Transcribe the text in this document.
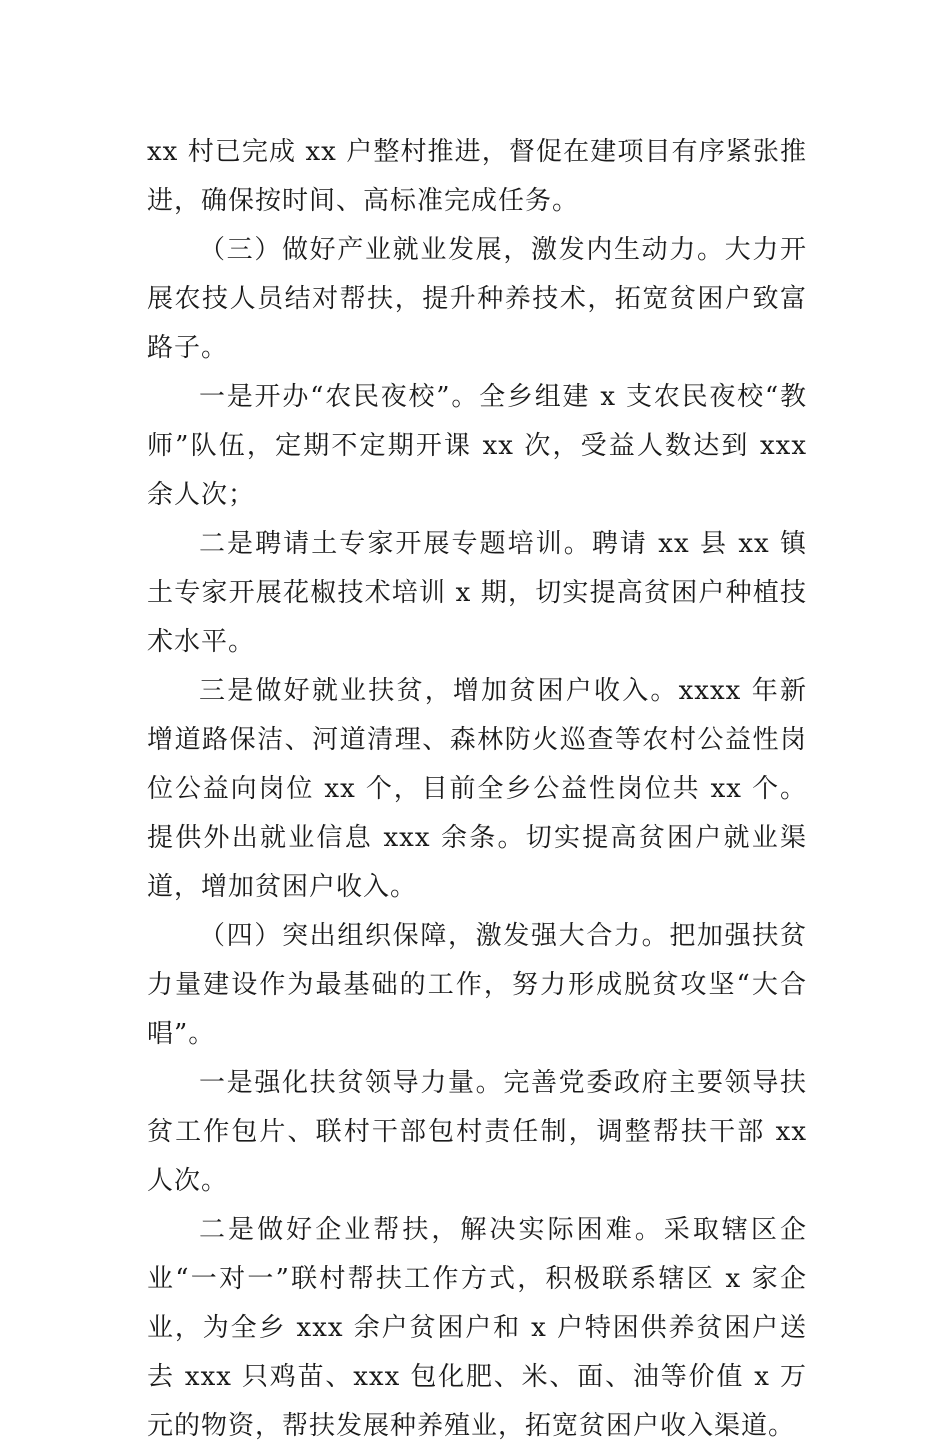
xx 村已完成 xx 户整村推进，督促在建项目有序紧张推进，确保按时间、高标准完成任务。

（三）做好产业就业发展，激发内生动力。大力开展农技人员结对帮扶，提升种养技术，拓宽贫困户致富路子。

一是开办“农民夜校”。全乡组建 x 支农民夜校“教师”队伍，定期不定期开课 xx 次，受益人数达到 xxx 余人次；

二是聘请土专家开展专题培训。聘请 xx 县 xx 镇土专家开展花椒技术培训 x 期，切实提高贫困户种植技术水平。

三是做好就业扶贫，增加贫困户收入。xxxx 年新增道路保洁、河道清理、森林防火巡查等农村公益性岗位公益向岗位 xx 个，目前全乡公益性岗位共 xx 个。提供外出就业信息 xxx 余条。切实提高贫困户就业渠道，增加贫困户收入。

（四）突出组织保障，激发强大合力。把加强扶贫力量建设作为最基础的工作，努力形成脱贫攻坚“大合唱”。

一是强化扶贫领导力量。完善党委政府主要领导扶贫工作包片、联村干部包村责任制，调整帮扶干部 xx 人次。

二是做好企业帮扶，解决实际困难。采取辖区企业“一对一”联村帮扶工作方式，积极联系辖区 x 家企业，为全乡 xxx 余户贫困户和 x 户特困供养贫困户送去 xxx 只鸡苗、xxx 包化肥、米、面、油等价值 x 万元的物资，帮扶发展种养殖业，拓宽贫困户收入渠道。
